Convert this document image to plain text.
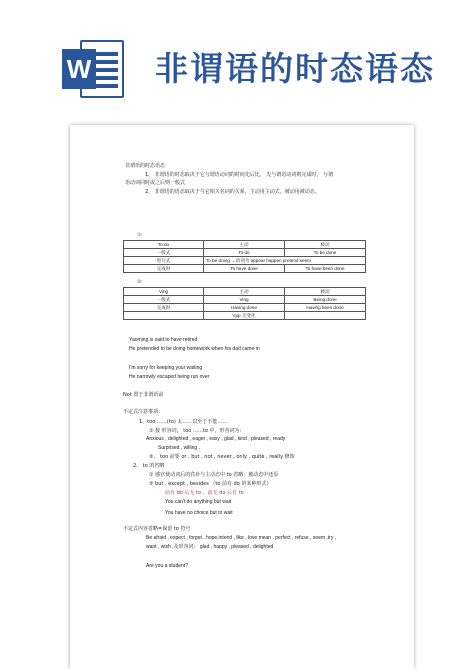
W 非谓语的时态语态
非谓语的时态语态
1、 非谓语的时态取决于它与谓语动词的时间先后比， 先与谓语动词则完成时， 与谓
语动词同时或之后则一般式
2、 非谓语的语态取决于与它相关名词的关系，主动用主动式，被动用被动态。
①:
To do	主动	被动
一般式	To do	To be done
进行式	To be doing →动词为 appear happen pretend seem	
完成时	To have done	To have been done
②:
Ving	主动	被动
一般式	Ving	Being done
完成时	Having done	Having been done
	Vpp 无变化	
Yaoming is said to have retired
He pretended to be doing homework when his dad came in
I'm sorry for keeping your waiting
He narrowly escaped being run over
Not 置于非谓语前
不定式注意事项：
1、too ……(to) 太……以至于不能……
① 接 形容词， too ……to 中，形容词为：
Anxious , delighted , eager , easy , glad , kind , pleased , ready
Surprised , willing ,
②、 too 前要 or , but , not , never , only , quite , really 修饰
2、 to 的省略
① 感官使动词后的宾补与主动态中 to 省略，被动态中还原
② but , except , besides （to 前有 do 的某种形式）
前有 do 后无 to ，前无 do 后有 to
You can't do anything but wait
You have no choice but to wait
不定式内容省略=保留 to 符号
Be afraid , expect , forget , hope,intend , like , love mean , perfect , refuse , seem ,try ,
want , wish ,及形容词： glad , happy , pleased , delighted
Are you a student?
